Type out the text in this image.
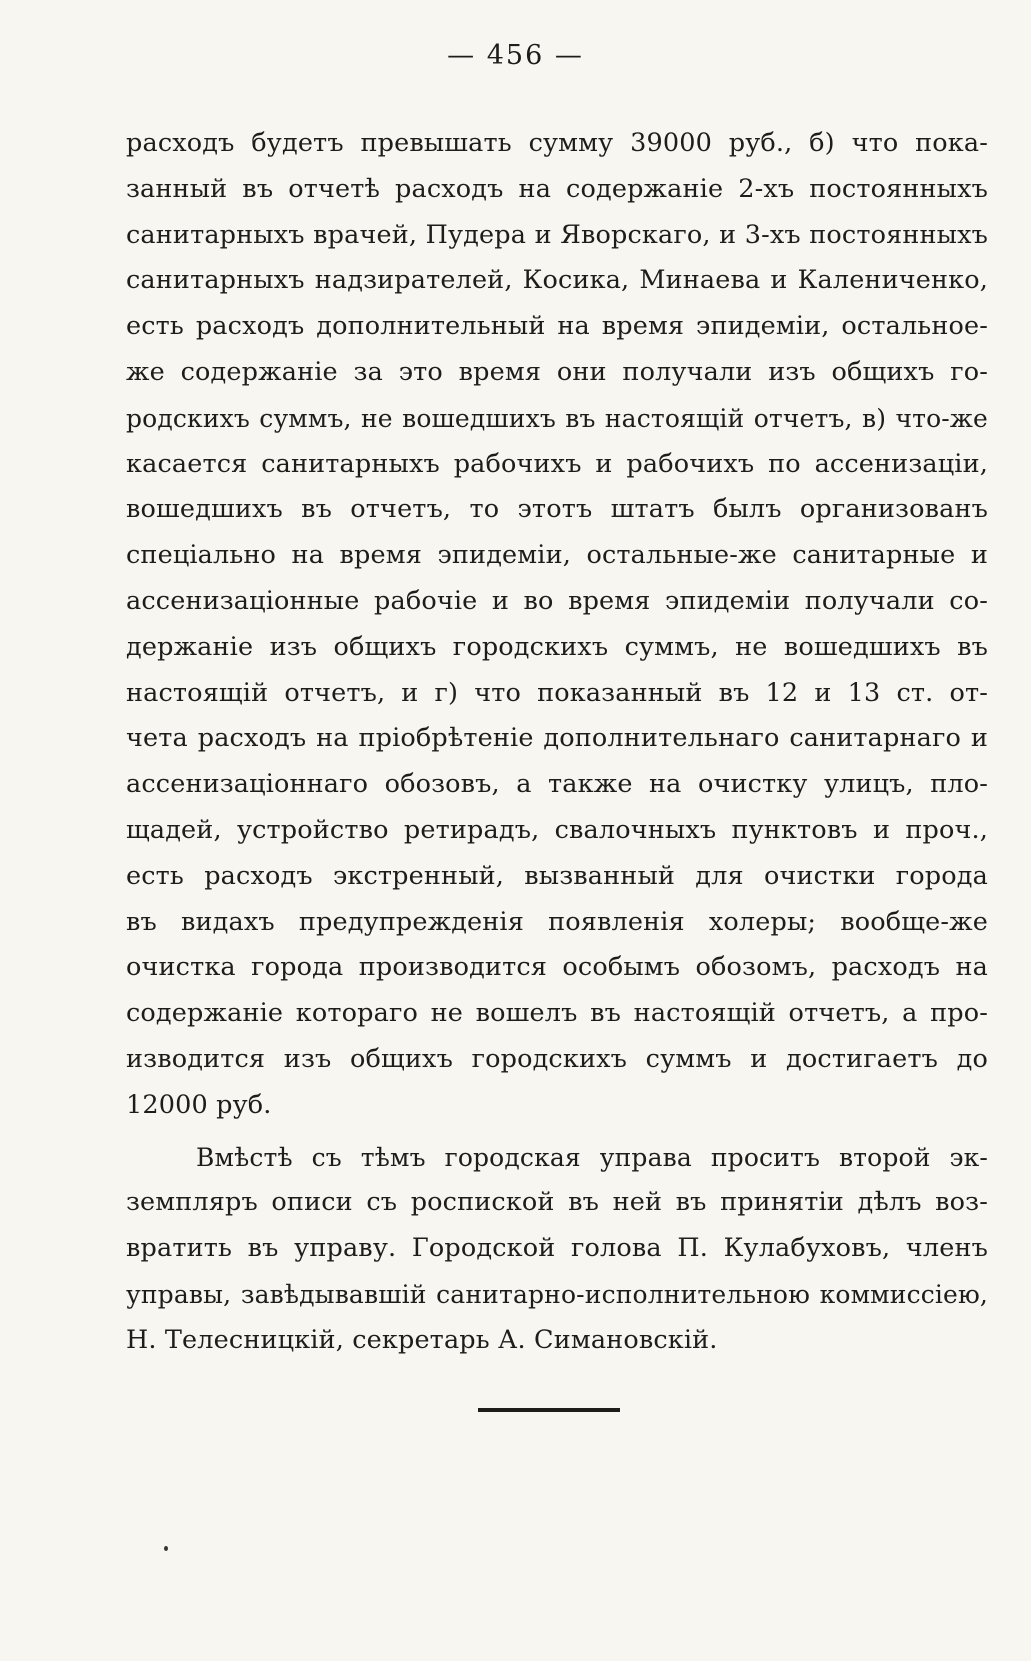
— 456 —
расходъ будетъ превышать сумму 39000 руб., б) что пока-
занный въ отчетѣ расходъ на содержаніе 2-хъ постоянныхъ
санитарныхъ врачей, Пудера и Яворскаго, и 3-хъ постоянныхъ
санитарныхъ надзирателей, Косика, Минаева и Калениченко,
есть расходъ дополнительный на время эпидеміи, остальное-
же содержаніе за это время они получали изъ общихъ го-
родскихъ суммъ, не вошедшихъ въ настоящій отчетъ, в) что-же
касается санитарныхъ рабочихъ и рабочихъ по ассенизаціи,
вошедшихъ въ отчетъ, то этотъ штатъ былъ организованъ
спеціально на время эпидеміи, остальные-же санитарные и
ассенизаціонные рабочіе и во время эпидеміи получали со-
держаніе изъ общихъ городскихъ суммъ, не вошедшихъ въ
настоящій отчетъ, и г) что показанный въ 12 и 13 ст. от-
чета расходъ на пріобрѣтеніе дополнительнаго санитарнаго и
ассенизаціоннаго обозовъ, а также на очистку улицъ, пло-
щадей, устройство ретирадъ, свалочныхъ пунктовъ и проч.,
есть расходъ экстренный, вызванный для очистки города
въ видахъ предупрежденія появленія холеры; вообще-же
очистка города производится особымъ обозомъ, расходъ на
содержаніе котораго не вошелъ въ настоящій отчетъ, а про-
изводится изъ общихъ городскихъ суммъ и достигаетъ до
12000 руб.
Вмѣстѣ съ тѣмъ городская управа проситъ второй эк-
земпляръ описи съ роспиской въ ней въ принятіи дѣлъ воз-
вратить въ управу. Городской голова П. Кулабуховъ, членъ
управы, завѣдывавшій санитарно-исполнительною коммиссіею,
Н. Телесницкій, секретарь А. Симановскій.
